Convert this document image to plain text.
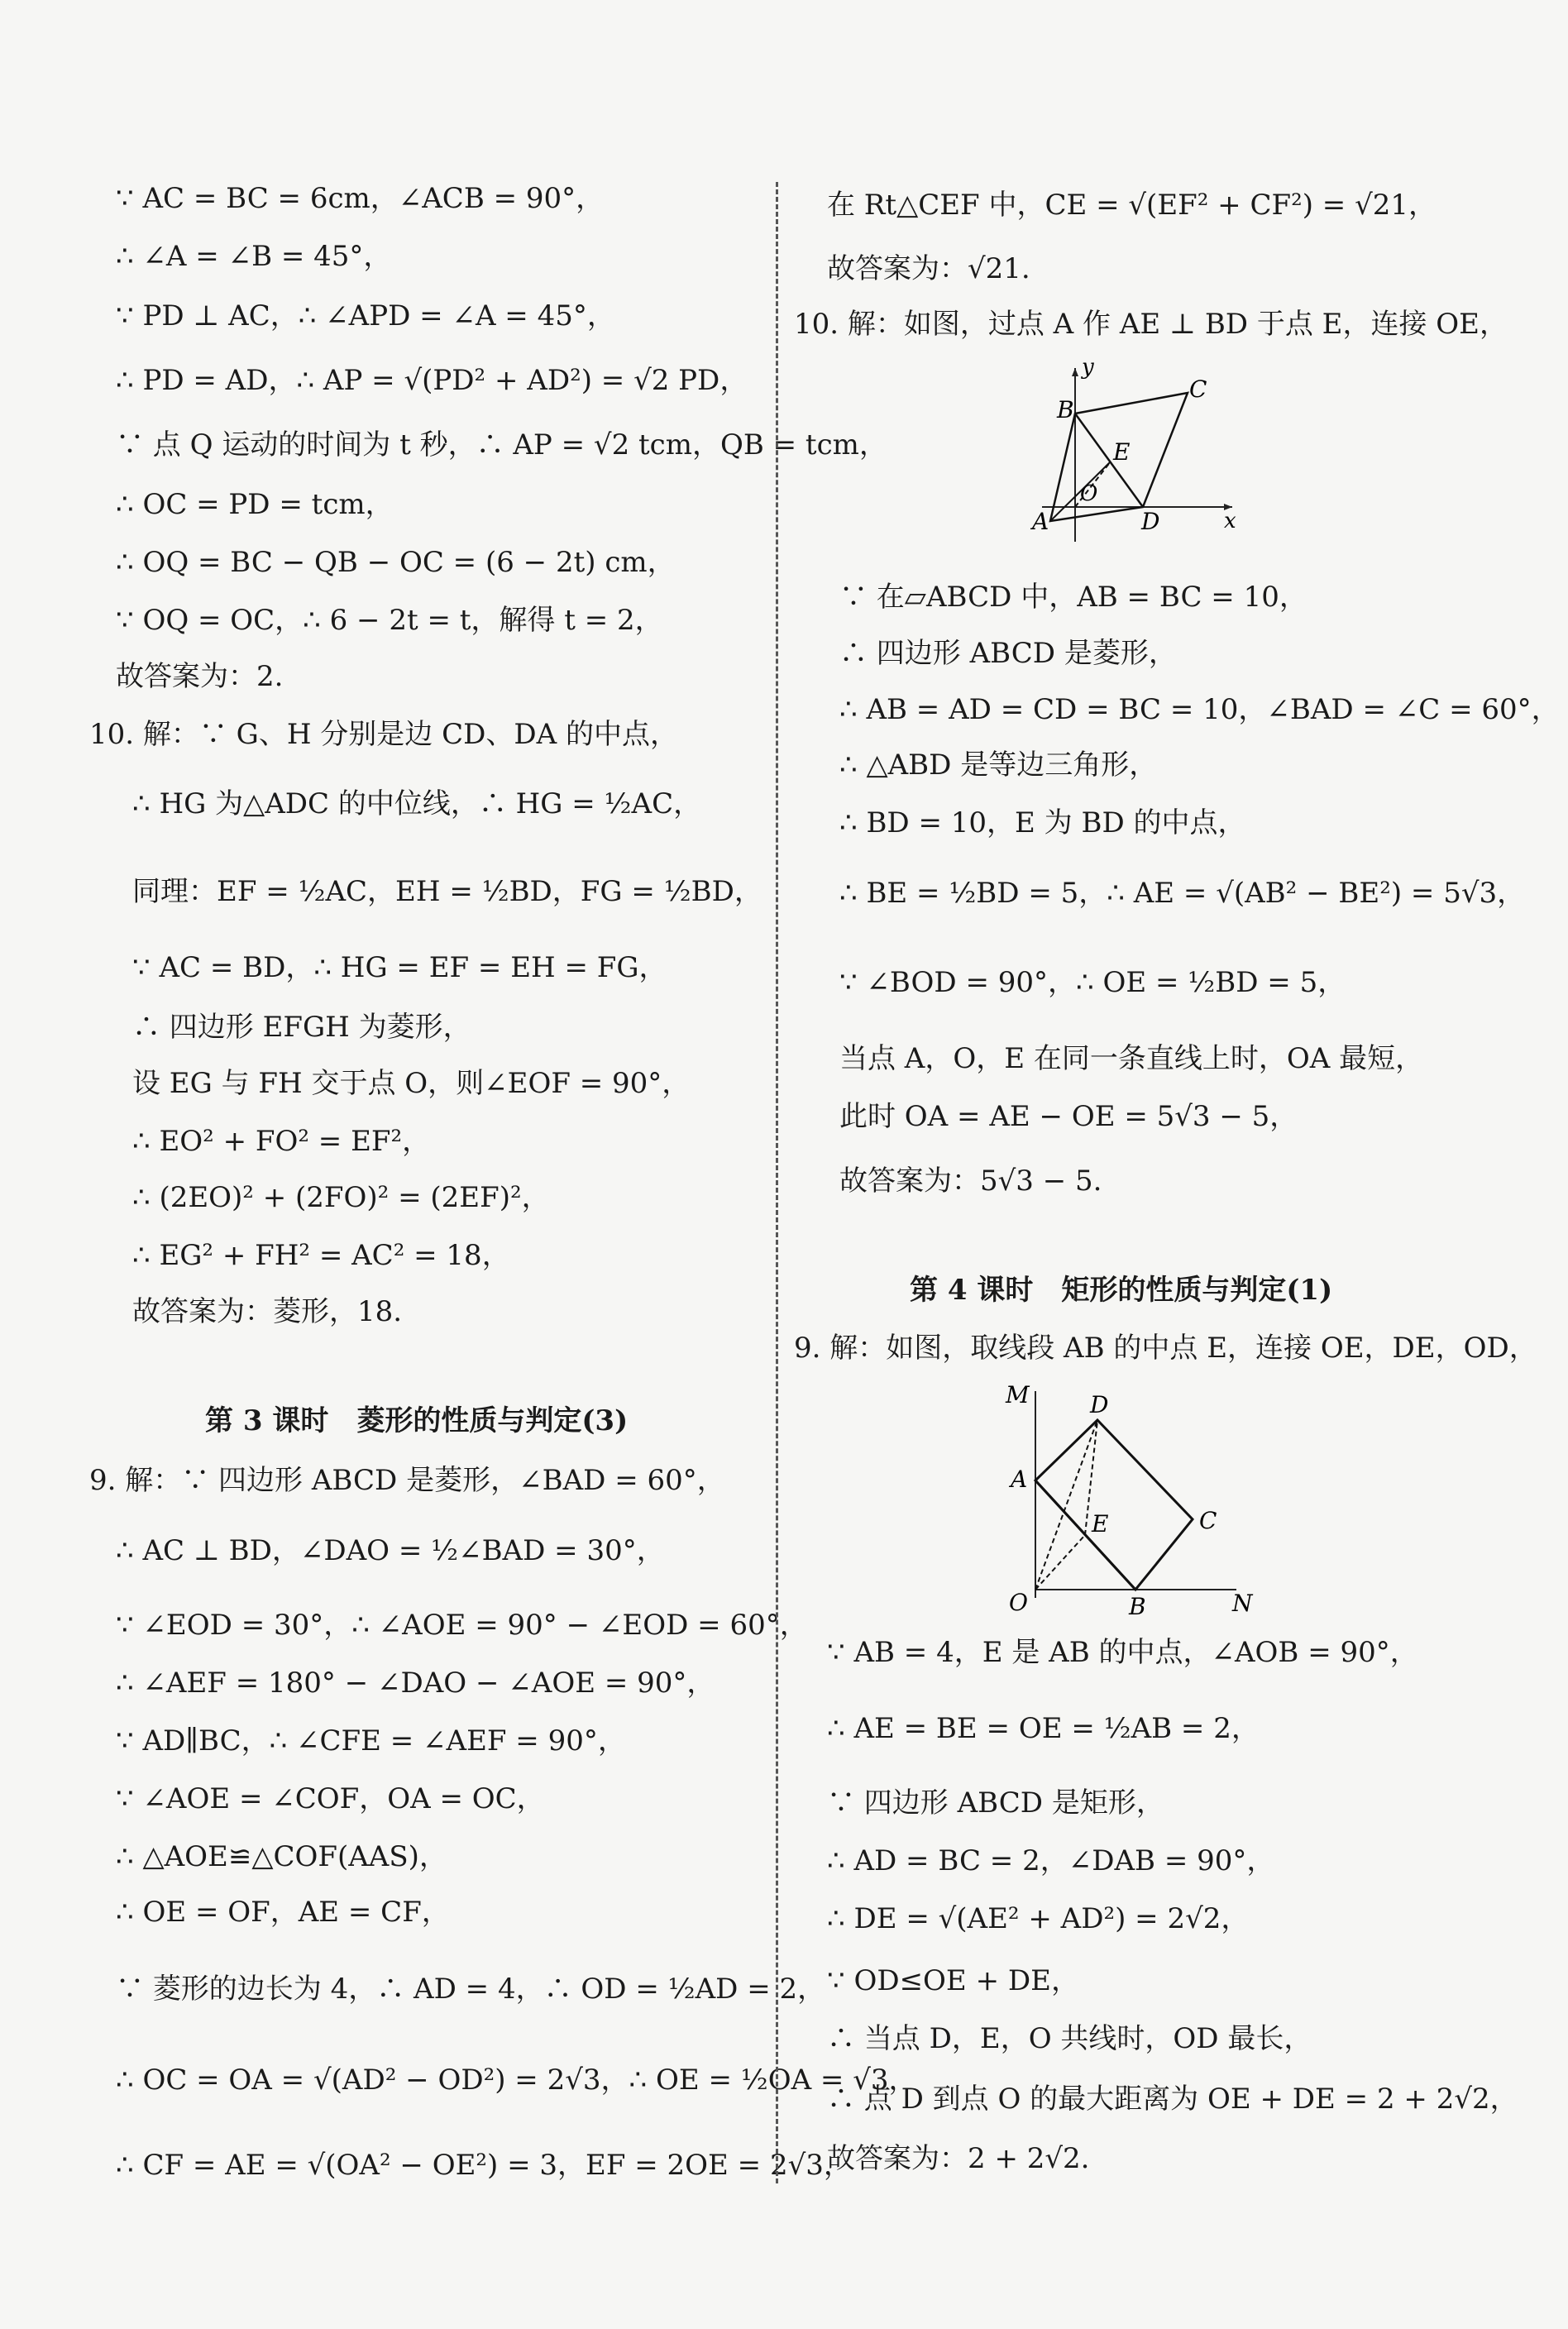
∵ AC = BC = 6cm，∠ACB = 90°，
∴ ∠A = ∠B = 45°，
∵ PD ⊥ AC，∴ ∠APD = ∠A = 45°，
∴ PD = AD，∴ AP = √(PD² + AD²) = √2 PD，
∵ 点 Q 运动的时间为 t 秒，∴ AP = √2 tcm，QB = tcm，
∴ OC = PD = tcm，
∴ OQ = BC − QB − OC = (6 − 2t) cm，
∵ OQ = OC，∴ 6 − 2t = t，解得 t = 2，
故答案为：2.
10. 解：∵ G、H 分别是边 CD、DA 的中点，
∴ HG 为△ADC 的中位线，∴ HG = ½AC，
同理：EF = ½AC，EH = ½BD，FG = ½BD，
∵ AC = BD，∴ HG = EF = EH = FG，
∴ 四边形 EFGH 为菱形，
设 EG 与 FH 交于点 O，则∠EOF = 90°，
∴ EO² + FO² = EF²，
∴ (2EO)² + (2FO)² = (2EF)²，
∴ EG² + FH² = AC² = 18，
故答案为：菱形，18.
第 3 课时　菱形的性质与判定(3)
9. 解：∵ 四边形 ABCD 是菱形，∠BAD = 60°，
∴ AC ⊥ BD，∠DAO = ½∠BAD = 30°，
∵ ∠EOD = 30°，∴ ∠AOE = 90° − ∠EOD = 60°，
∴ ∠AEF = 180° − ∠DAO − ∠AOE = 90°，
∵ AD∥BC，∴ ∠CFE = ∠AEF = 90°，
∵ ∠AOE = ∠COF，OA = OC，
∴ △AOE≌△COF(AAS)，
∴ OE = OF，AE = CF，
∵ 菱形的边长为 4，∴ AD = 4，∴ OD = ½AD = 2，
∴ OC = OA = √(AD² − OD²) = 2√3，∴ OE = ½OA = √3，
∴ CF = AE = √(OA² − OE²) = 3，EF = 2OE = 2√3，
在 Rt△CEF 中，CE = √(EF² + CF²) = √21，
故答案为：√21.
10. 解：如图，过点 A 作 AE ⊥ BD 于点 E，连接 OE，
y
x
A
B
C
D
E
O
∵ 在▱ABCD 中，AB = BC = 10，
∴ 四边形 ABCD 是菱形，
∴ AB = AD = CD = BC = 10，∠BAD = ∠C = 60°，
∴ △ABD 是等边三角形，
∴ BD = 10，E 为 BD 的中点，
∴ BE = ½BD = 5，∴ AE = √(AB² − BE²) = 5√3，
∵ ∠BOD = 90°，∴ OE = ½BD = 5，
当点 A，O，E 在同一条直线上时，OA 最短，
此时 OA = AE − OE = 5√3 − 5，
故答案为：5√3 − 5.
第 4 课时　矩形的性质与判定(1)
9. 解：如图，取线段 AB 的中点 E，连接 OE，DE，OD，
M
N
A
B
C
D
E
O
∵ AB = 4，E 是 AB 的中点，∠AOB = 90°，
∴ AE = BE = OE = ½AB = 2，
∵ 四边形 ABCD 是矩形，
∴ AD = BC = 2，∠DAB = 90°，
∴ DE = √(AE² + AD²) = 2√2，
∵ OD≤OE + DE，
∴ 当点 D，E，O 共线时，OD 最长，
∴ 点 D 到点 O 的最大距离为 OE + DE = 2 + 2√2，
故答案为：2 + 2√2.
